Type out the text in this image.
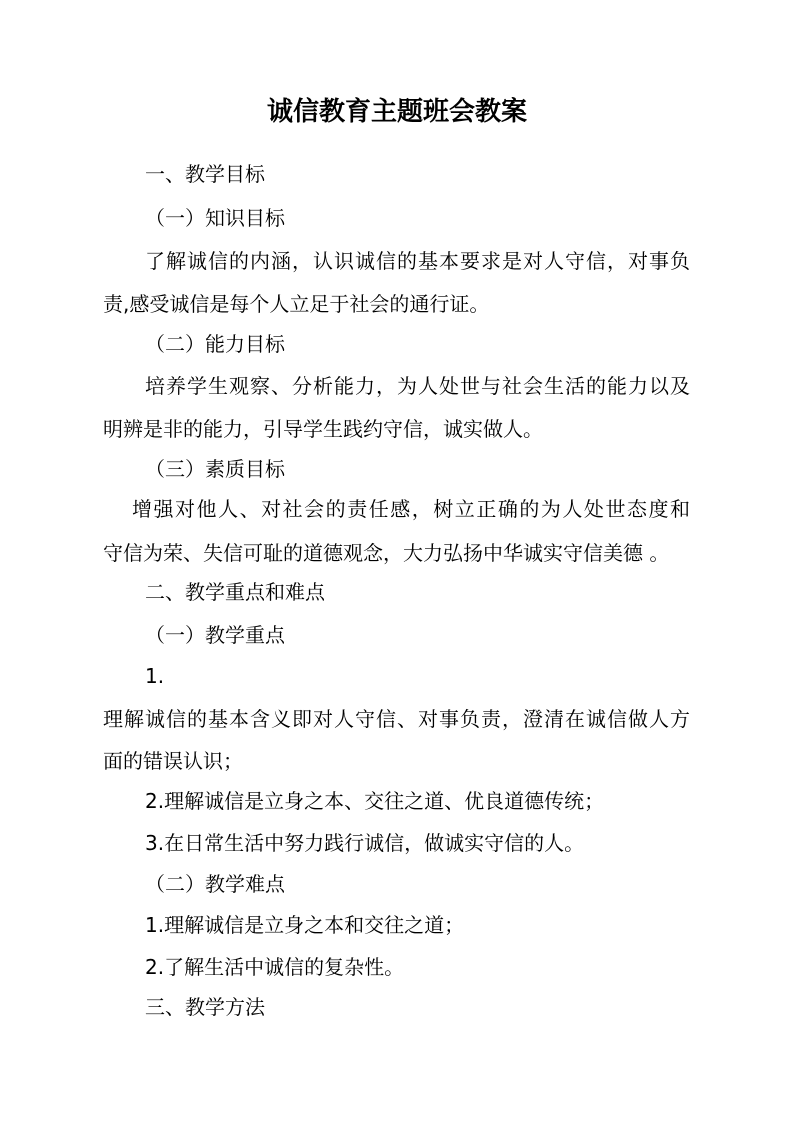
诚信教育主题班会教案

一、教学目标

（一）知识目标

了解诚信的内涵，认识诚信的基本要求是对人守信，对事负

责,感受诚信是每个人立足于社会的通行证。

（二）能力目标

培养学生观察、分析能力，为人处世与社会生活的能力以及

明辨是非的能力，引导学生践约守信，诚实做人。

（三）素质目标

增强对他人、对社会的责任感，树立正确的为人处世态度和

守信为荣、失信可耻的道德观念，大力弘扬中华诚实守信美德 。

二、教学重点和难点

（一）教学重点

1.

理解诚信的基本含义即对人守信、对事负责，澄清在诚信做人方

面的错误认识；

2.理解诚信是立身之本、交往之道、优良道德传统；

3.在日常生活中努力践行诚信，做诚实守信的人。

（二）教学难点

1.理解诚信是立身之本和交往之道；

2.了解生活中诚信的复杂性。

三、教学方法
